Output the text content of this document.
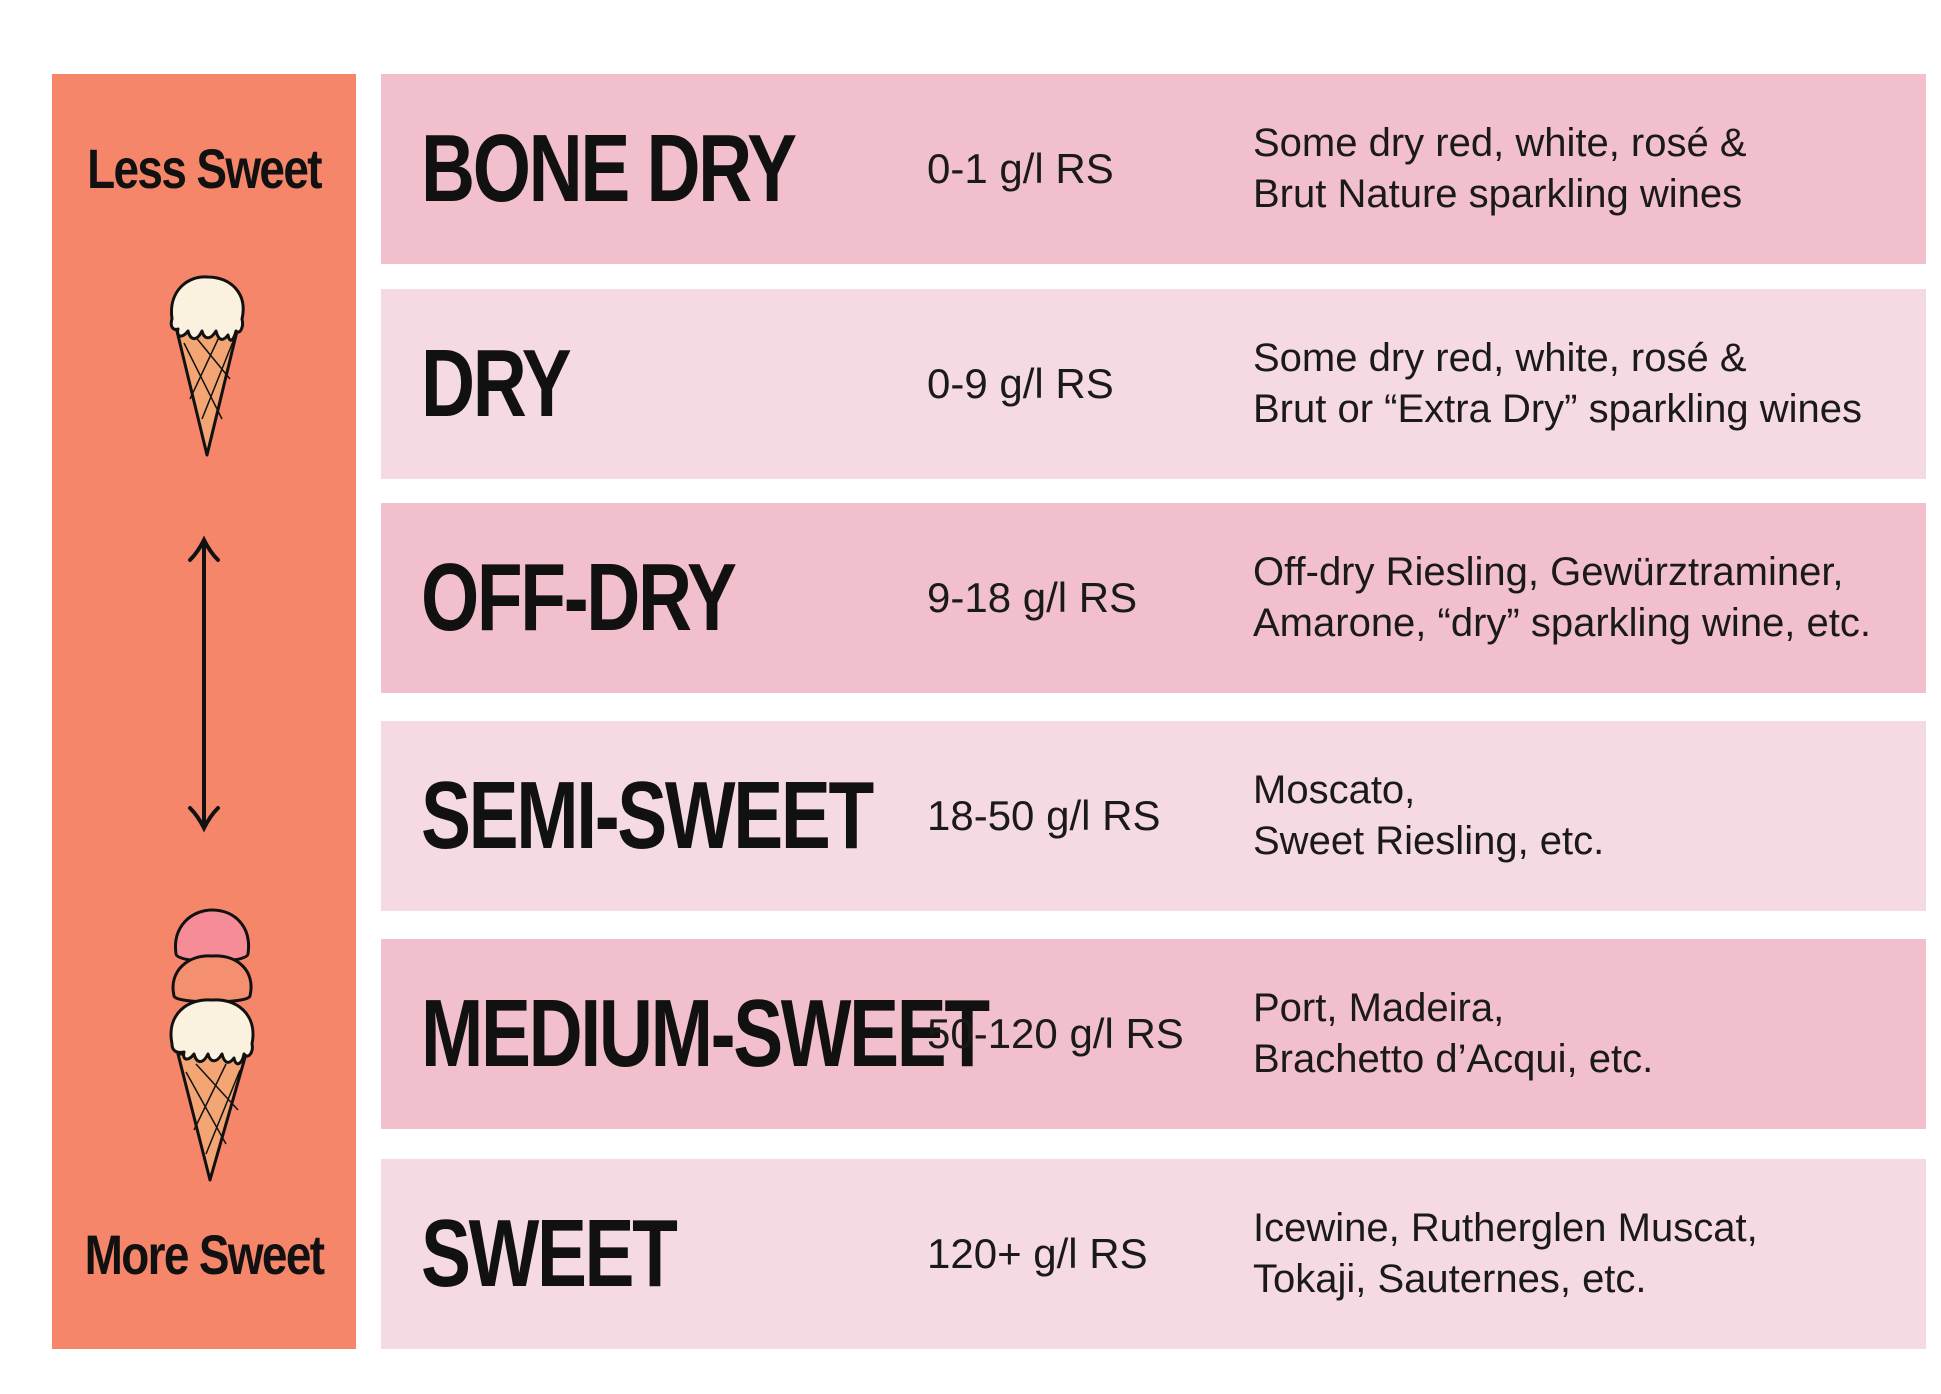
Less Sweet
More Sweet
BONE DRY	0-1 g/l RS
Some dry red, white, rosé &
Brut Nature sparkling wines
DRY	0-9 g/l RS
Some dry red, white, rosé &
Brut or “Extra Dry” sparkling wines
OFF-DRY	9-18 g/l RS
Off-dry Riesling, Gewürztraminer,
Amarone, “dry” sparkling wine, etc.
SEMI-SWEET 18-50 g/l RS
Moscato,
Sweet Riesling, etc.
MEDIUM-SWEET
50-120 g/l RS
Port, Madeira,
Brachetto d’Acqui, etc.
SWEET	120+ g/l RS
Icewine, Rutherglen Muscat,
Tokaji, Sauternes, etc.
